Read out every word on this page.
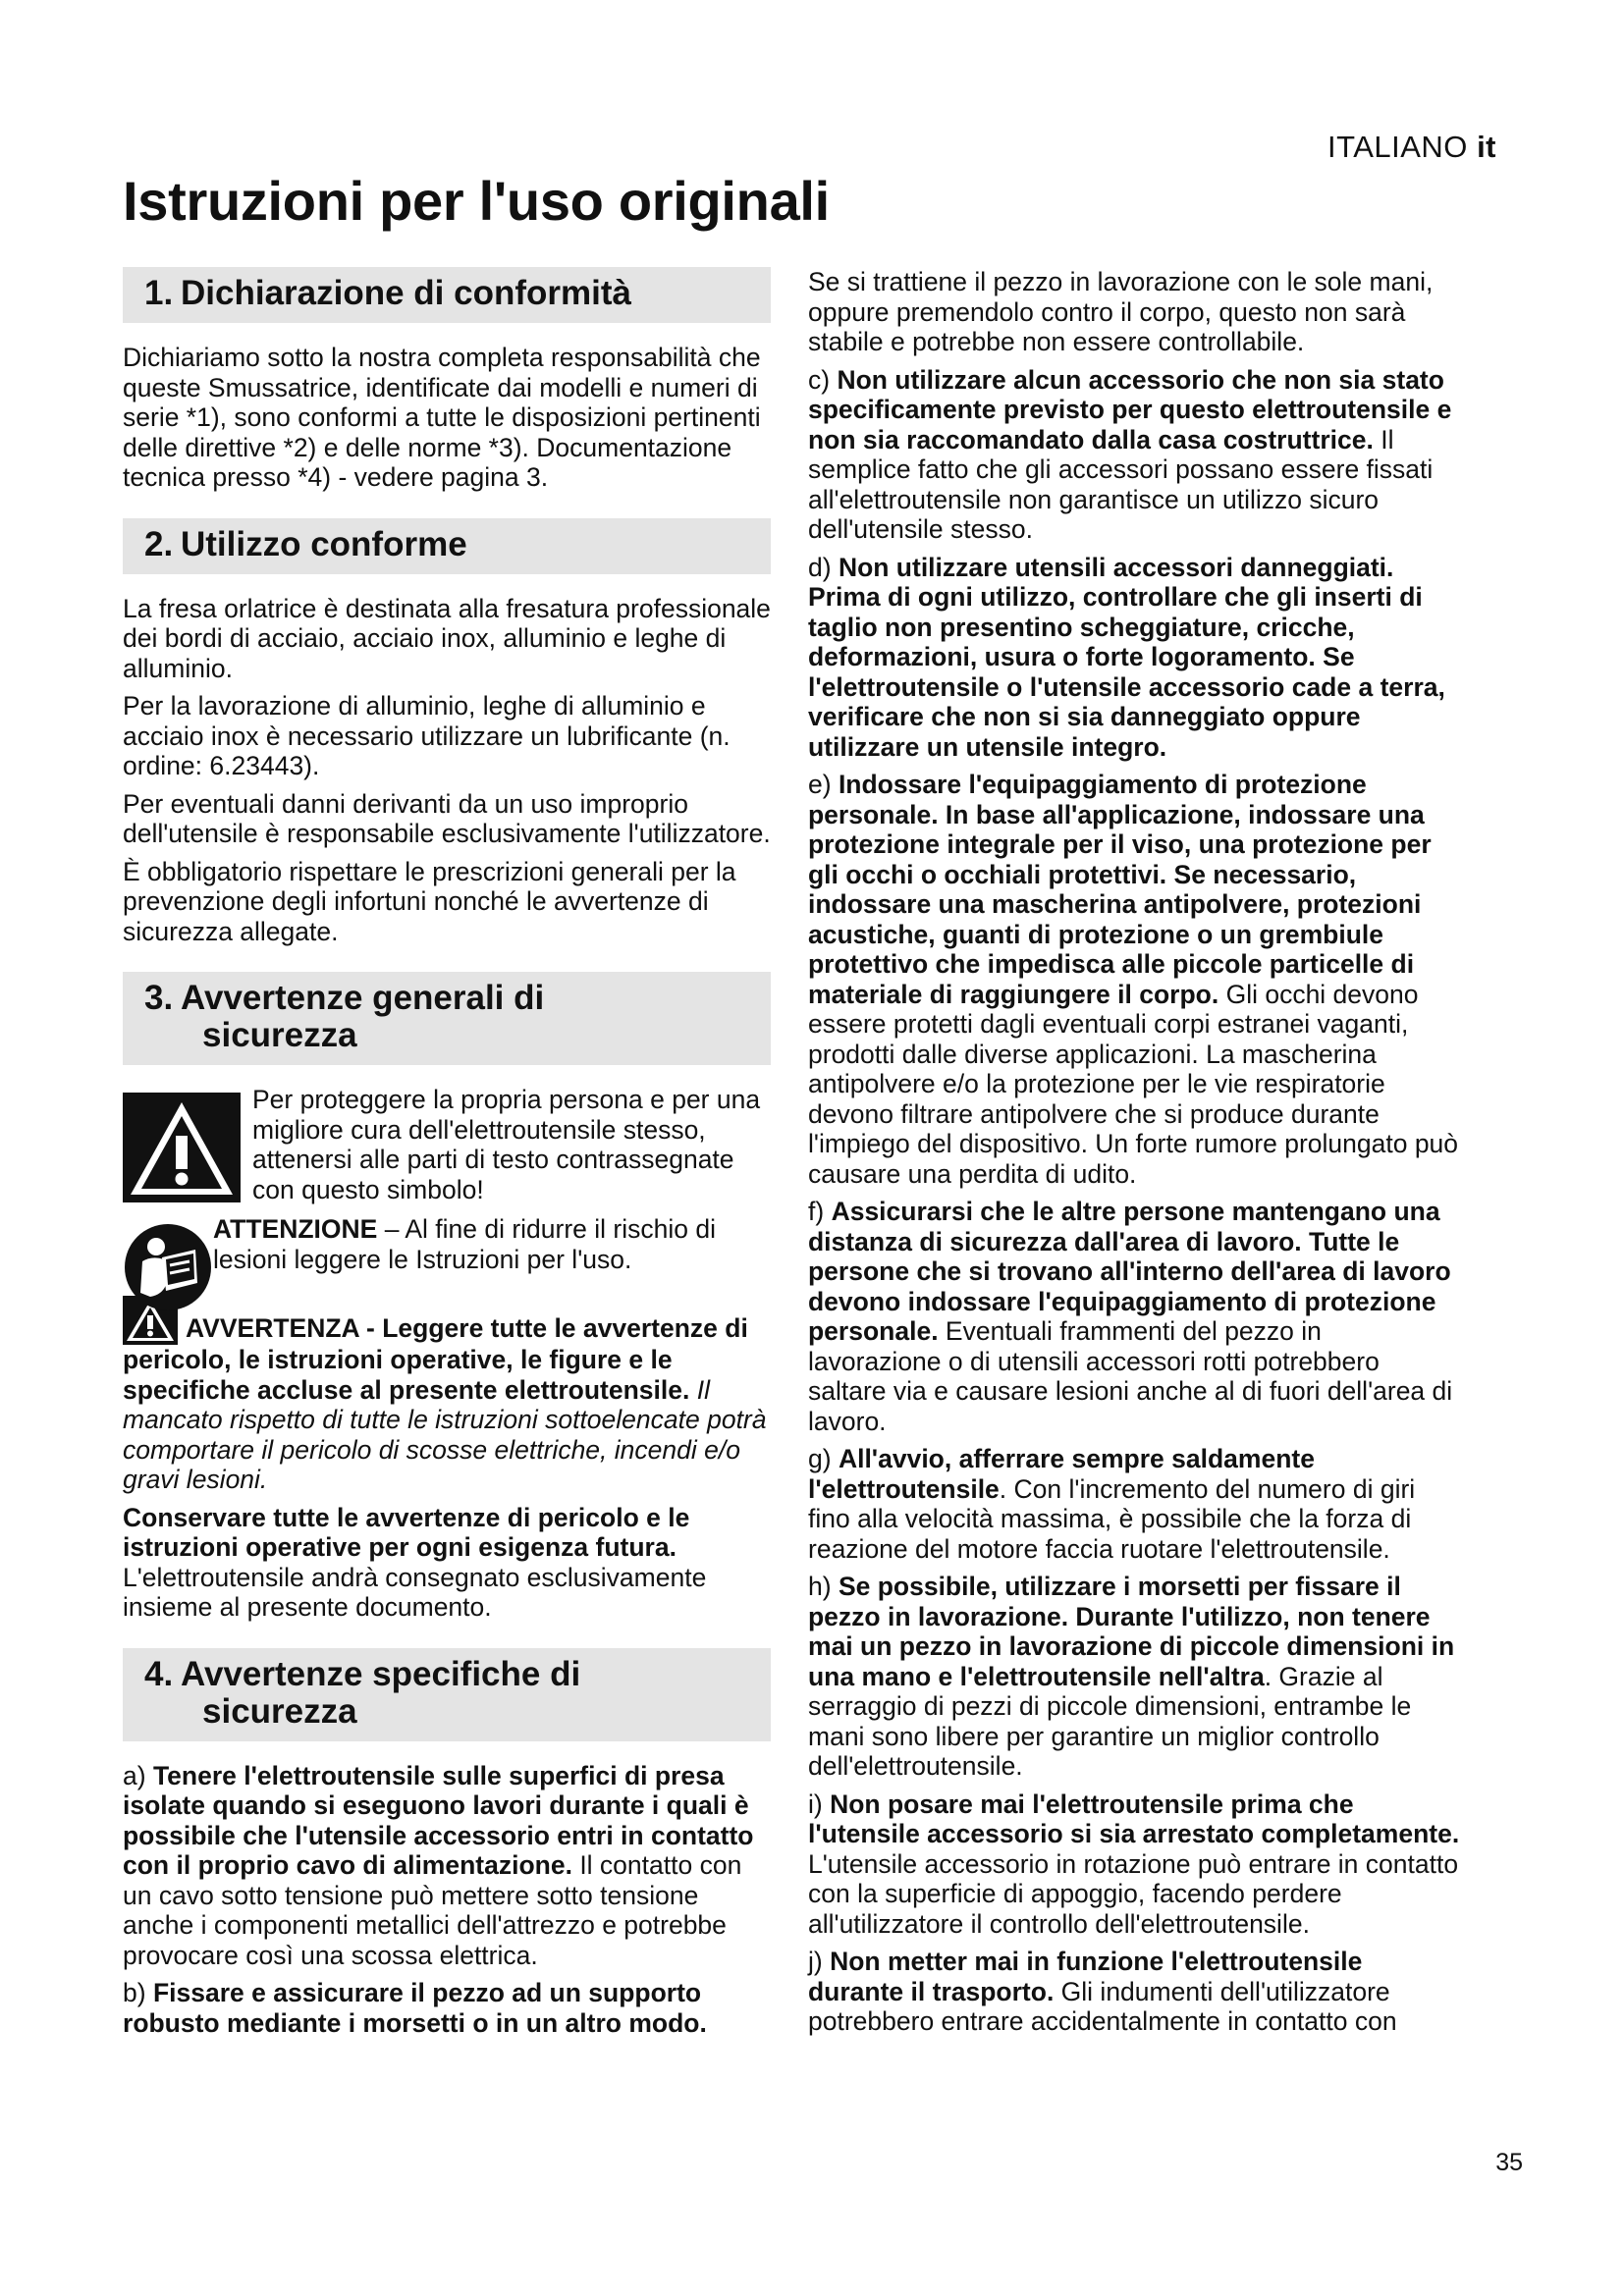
ITALIANO it
Istruzioni per l'uso originali
1. Dichiarazione di conformità

Dichiariamo sotto la nostra completa responsabilità che queste Smussatrice, identificate dai modelli e numeri di serie *1), sono conformi a tutte le disposizioni pertinenti delle direttive *2) e delle norme *3). Documentazione tecnica presso *4) - vedere pagina 3.

2. Utilizzo conforme

La fresa orlatrice è destinata alla fresatura professionale dei bordi di acciaio, acciaio inox, alluminio e leghe di alluminio.

Per la lavorazione di alluminio, leghe di alluminio e acciaio inox è necessario utilizzare un lubrificante (n. ordine: 6.23443).

Per eventuali danni derivanti da un uso improprio dell'utensile è responsabile esclusivamente l'utilizzatore.

È obbligatorio rispettare le prescrizioni generali per la prevenzione degli infortuni nonché le avvertenze di sicurezza allegate.

3. Avvertenze generali di
sicurezza

Per proteggere la propria persona e per una migliore cura dell'elettroutensile stesso, attenersi alle parti di testo contrassegnate con questo simbolo!

ATTENZIONE – Al fine di ridurre il rischio di lesioni leggere le Istruzioni per l'uso.

AVVERTENZA - Leggere tutte le avvertenze di pericolo, le istruzioni operative, le figure e le specifiche accluse al presente elettroutensile. Il mancato rispetto di tutte le istruzioni sottoelencate potrà comportare il pericolo di scosse elettriche, incendi e/o gravi lesioni.

Conservare tutte le avvertenze di pericolo e le istruzioni operative per ogni esigenza futura. L'elettroutensile andrà consegnato esclusivamente insieme al presente documento.

4. Avvertenze specifiche di
sicurezza

a) Tenere l'elettroutensile sulle superfici di presa isolate quando si eseguono lavori durante i quali è possibile che l'utensile accessorio entri in contatto con il proprio cavo di alimentazione. Il contatto con un cavo sotto tensione può mettere sotto tensione anche i componenti metallici dell'attrezzo e potrebbe provocare così una scossa elettrica.

b) Fissare e assicurare il pezzo ad un supporto robusto mediante i morsetti o in un altro modo.

Se si trattiene il pezzo in lavorazione con le sole mani, oppure premendolo contro il corpo, questo non sarà stabile e potrebbe non essere controllabile.

c) Non utilizzare alcun accessorio che non sia stato specificamente previsto per questo elettroutensile e non sia raccomandato dalla casa costruttrice. Il semplice fatto che gli accessori possano essere fissati all'elettroutensile non garantisce un utilizzo sicuro dell'utensile stesso.

d) Non utilizzare utensili accessori danneggiati. Prima di ogni utilizzo, controllare che gli inserti di taglio non presentino scheggiature, cricche, deformazioni, usura o forte logoramento. Se l'elettroutensile o l'utensile accessorio cade a terra, verificare che non si sia danneggiato oppure utilizzare un utensile integro.

e) Indossare l'equipaggiamento di protezione personale. In base all'applicazione, indossare una protezione integrale per il viso, una protezione per gli occhi o occhiali protettivi. Se necessario, indossare una mascherina antipolvere, protezioni acustiche, guanti di protezione o un grembiule protettivo che impedisca alle piccole particelle di materiale di raggiungere il corpo. Gli occhi devono essere protetti dagli eventuali corpi estranei vaganti, prodotti dalle diverse applicazioni. La mascherina antipolvere e/o la protezione per le vie respiratorie devono filtrare antipolvere che si produce durante l'impiego del dispositivo. Un forte rumore prolungato può causare una perdita di udito.

f) Assicurarsi che le altre persone mantengano una distanza di sicurezza dall'area di lavoro. Tutte le persone che si trovano all'interno dell'area di lavoro devono indossare l'equipaggiamento di protezione personale. Eventuali frammenti del pezzo in lavorazione o di utensili accessori rotti potrebbero saltare via e causare lesioni anche al di fuori dell'area di lavoro.

g) All'avvio, afferrare sempre saldamente l'elettroutensile. Con l'incremento del numero di giri fino alla velocità massima, è possibile che la forza di reazione del motore faccia ruotare l'elettroutensile.

h) Se possibile, utilizzare i morsetti per fissare il pezzo in lavorazione. Durante l'utilizzo, non tenere mai un pezzo in lavorazione di piccole dimensioni in una mano e l'elettroutensile nell'altra. Grazie al serraggio di pezzi di piccole dimensioni, entrambe le mani sono libere per garantire un miglior controllo dell'elettroutensile.

i) Non posare mai l'elettroutensile prima che l'utensile accessorio si sia arrestato completamente. L'utensile accessorio in rotazione può entrare in contatto con la superficie di appoggio, facendo perdere all'utilizzatore il controllo dell'elettroutensile.

j) Non metter mai in funzione l'elettroutensile durante il trasporto. Gli indumenti dell'utilizzatore potrebbero entrare accidentalmente in contatto con

35
